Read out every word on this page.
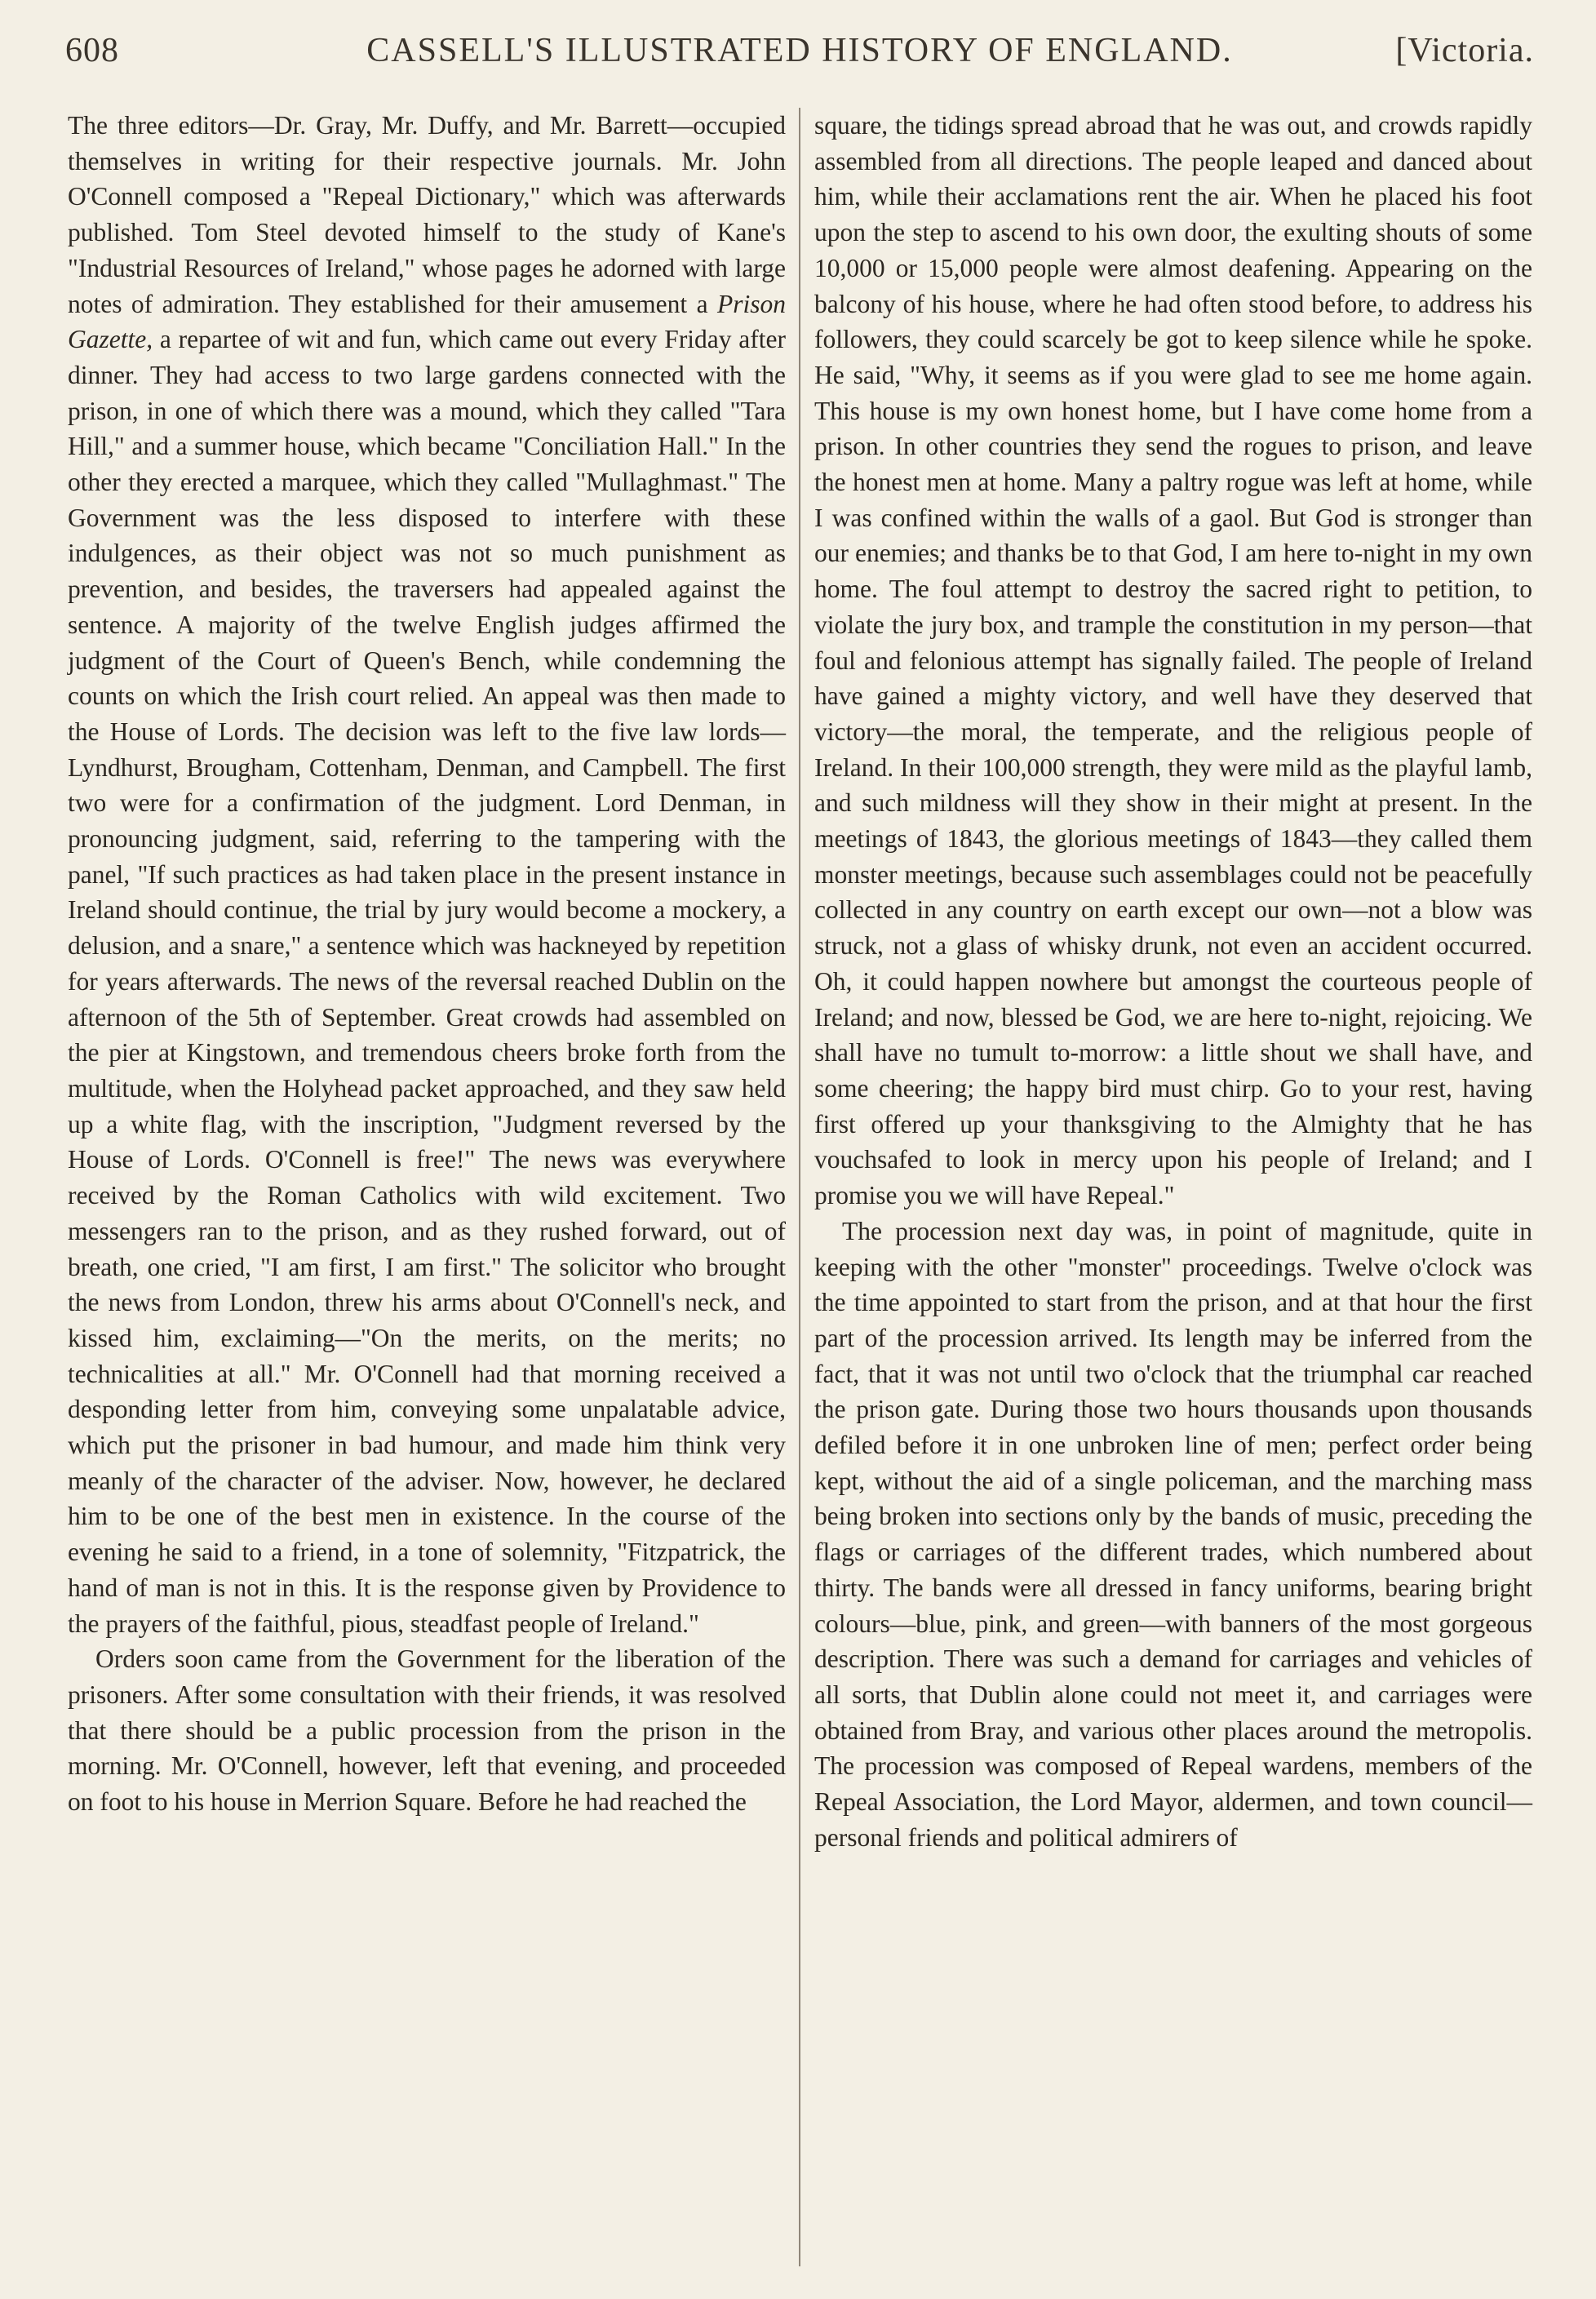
608	CASSELL'S ILLUSTRATED HISTORY OF ENGLAND.	[Victoria.

The three editors—Dr. Gray, Mr. Duffy, and Mr. Barrett—occupied themselves in writing for their respective journals. Mr. John O'Connell composed a "Repeal Dictionary," which was afterwards published. Tom Steel devoted himself to the study of Kane's "Industrial Resources of Ireland," whose pages he adorned with large notes of admiration. They established for their amusement a Prison Gazette, a repartee of wit and fun, which came out every Friday after dinner. They had access to two large gardens connected with the prison, in one of which there was a mound, which they called "Tara Hill," and a summer house, which became "Conciliation Hall." In the other they erected a marquee, which they called "Mullaghmast." The Government was the less disposed to interfere with these indulgences, as their object was not so much punishment as prevention, and besides, the traversers had appealed against the sentence. A majority of the twelve English judges affirmed the judgment of the Court of Queen's Bench, while condemning the counts on which the Irish court relied. An appeal was then made to the House of Lords. The decision was left to the five law lords—Lyndhurst, Brougham, Cottenham, Denman, and Campbell. The first two were for a confirmation of the judgment. Lord Denman, in pronouncing judgment, said, referring to the tampering with the panel, "If such practices as had taken place in the present instance in Ireland should continue, the trial by jury would become a mockery, a delusion, and a snare," a sentence which was hackneyed by repetition for years afterwards. The news of the reversal reached Dublin on the afternoon of the 5th of September. Great crowds had assembled on the pier at Kingstown, and tremendous cheers broke forth from the multitude, when the Holyhead packet approached, and they saw held up a white flag, with the inscription, "Judgment reversed by the House of Lords. O'Connell is free!" The news was everywhere received by the Roman Catholics with wild excitement. Two messengers ran to the prison, and as they rushed forward, out of breath, one cried, "I am first, I am first." The solicitor who brought the news from London, threw his arms about O'Connell's neck, and kissed him, exclaiming—"On the merits, on the merits; no technicalities at all." Mr. O'Connell had that morning received a desponding letter from him, conveying some unpalatable advice, which put the prisoner in bad humour, and made him think very meanly of the character of the adviser. Now, however, he declared him to be one of the best men in existence. In the course of the evening he said to a friend, in a tone of solemnity, "Fitzpatrick, the hand of man is not in this. It is the response given by Providence to the prayers of the faithful, pious, steadfast people of Ireland."

Orders soon came from the Government for the liberation of the prisoners. After some consultation with their friends, it was resolved that there should be a public procession from the prison in the morning. Mr. O'Connell, however, left that evening, and proceeded on foot to his house in Merrion Square. Before he had reached the

square, the tidings spread abroad that he was out, and crowds rapidly assembled from all directions. The people leaped and danced about him, while their acclamations rent the air. When he placed his foot upon the step to ascend to his own door, the exulting shouts of some 10,000 or 15,000 people were almost deafening. Appearing on the balcony of his house, where he had often stood before, to address his followers, they could scarcely be got to keep silence while he spoke. He said, "Why, it seems as if you were glad to see me home again. This house is my own honest home, but I have come home from a prison. In other countries they send the rogues to prison, and leave the honest men at home. Many a paltry rogue was left at home, while I was confined within the walls of a gaol. But God is stronger than our enemies; and thanks be to that God, I am here to-night in my own home. The foul attempt to destroy the sacred right to petition, to violate the jury box, and trample the constitution in my person—that foul and felonious attempt has signally failed. The people of Ireland have gained a mighty victory, and well have they deserved that victory—the moral, the temperate, and the religious people of Ireland. In their 100,000 strength, they were mild as the playful lamb, and such mildness will they show in their might at present. In the meetings of 1843, the glorious meetings of 1843—they called them monster meetings, because such assemblages could not be peacefully collected in any country on earth except our own—not a blow was struck, not a glass of whisky drunk, not even an accident occurred. Oh, it could happen nowhere but amongst the courteous people of Ireland; and now, blessed be God, we are here to-night, rejoicing. We shall have no tumult to-morrow: a little shout we shall have, and some cheering; the happy bird must chirp. Go to your rest, having first offered up your thanksgiving to the Almighty that he has vouchsafed to look in mercy upon his people of Ireland; and I promise you we will have Repeal."

The procession next day was, in point of magnitude, quite in keeping with the other "monster" proceedings. Twelve o'clock was the time appointed to start from the prison, and at that hour the first part of the procession arrived. Its length may be inferred from the fact, that it was not until two o'clock that the triumphal car reached the prison gate. During those two hours thousands upon thousands defiled before it in one unbroken line of men; perfect order being kept, without the aid of a single policeman, and the marching mass being broken into sections only by the bands of music, preceding the flags or carriages of the different trades, which numbered about thirty. The bands were all dressed in fancy uniforms, bearing bright colours—blue, pink, and green—with banners of the most gorgeous description. There was such a demand for carriages and vehicles of all sorts, that Dublin alone could not meet it, and carriages were obtained from Bray, and various other places around the metropolis. The procession was composed of Repeal wardens, members of the Repeal Association, the Lord Mayor, aldermen, and town council—personal friends and political admirers of
